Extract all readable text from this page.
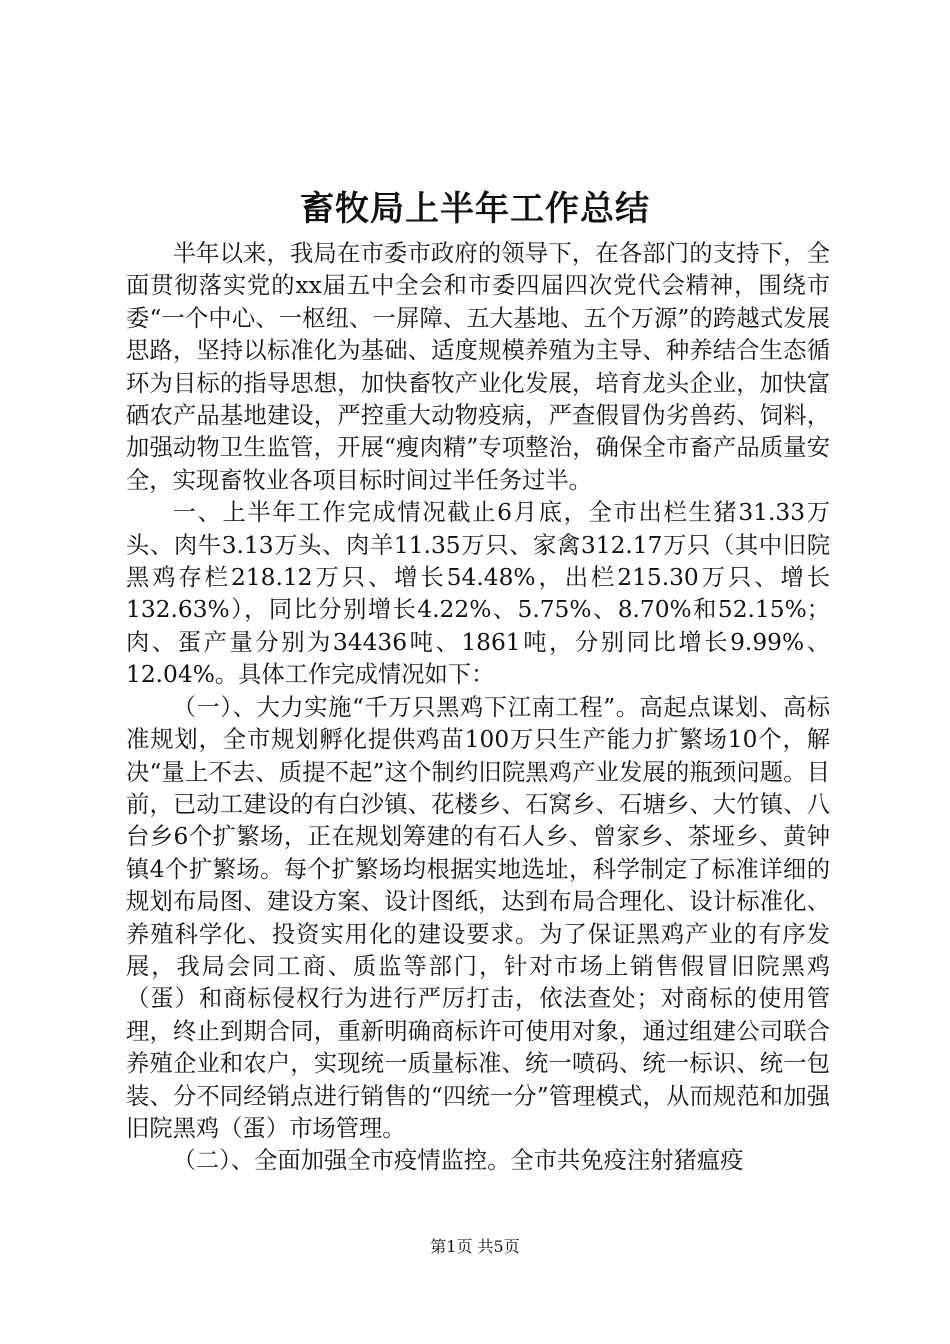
畜牧局上半年工作总结

半年以来，我局在市委市政府的领导下，在各部门的支持下，全面贯彻落实党的xx届五中全会和市委四届四次党代会精神，围绕市委“一个中心、一枢纽、一屏障、五大基地、五个万源”的跨越式发展思路，坚持以标准化为基础、适度规模养殖为主导、种养结合生态循环为目标的指导思想，加快畜牧产业化发展，培育龙头企业，加快富硒农产品基地建设，严控重大动物疫病，严查假冒伪劣兽药、饲料，加强动物卫生监管，开展“瘦肉精”专项整治，确保全市畜产品质量安全，实现畜牧业各项目标时间过半任务过半。

一、上半年工作完成情况截止6月底，全市出栏生猪31.33万头、肉牛3.13万头、肉羊11.35万只、家禽312.17万只（其中旧院黑鸡存栏218.12万只、增长54.48%，出栏215.30万只、增长132.63%），同比分别增长4.22%、5.75%、8.70%和52.15%；肉、蛋产量分别为34436吨、1861吨，分别同比增长9.99%、12.04%。具体工作完成情况如下：

（一）、大力实施“千万只黑鸡下江南工程”。高起点谋划、高标准规划，全市规划孵化提供鸡苗100万只生产能力扩繁场10个，解决“量上不去、质提不起”这个制约旧院黑鸡产业发展的瓶颈问题。目前，已动工建设的有白沙镇、花楼乡、石窝乡、石塘乡、大竹镇、八台乡6个扩繁场，正在规划筹建的有石人乡、曾家乡、茶垭乡、黄钟镇4个扩繁场。每个扩繁场均根据实地选址，科学制定了标准详细的规划布局图、建设方案、设计图纸，达到布局合理化、设计标准化、养殖科学化、投资实用化的建设要求。为了保证黑鸡产业的有序发展，我局会同工商、质监等部门，针对市场上销售假冒旧院黑鸡（蛋）和商标侵权行为进行严厉打击，依法查处；对商标的使用管理，终止到期合同，重新明确商标许可使用对象，通过组建公司联合养殖企业和农户，实现统一质量标准、统一喷码、统一标识、统一包装、分不同经销点进行销售的“四统一分”管理模式，从而规范和加强旧院黑鸡（蛋）市场管理。

（二）、全面加强全市疫情监控。全市共免疫注射猪瘟疫

第1页 共5页
